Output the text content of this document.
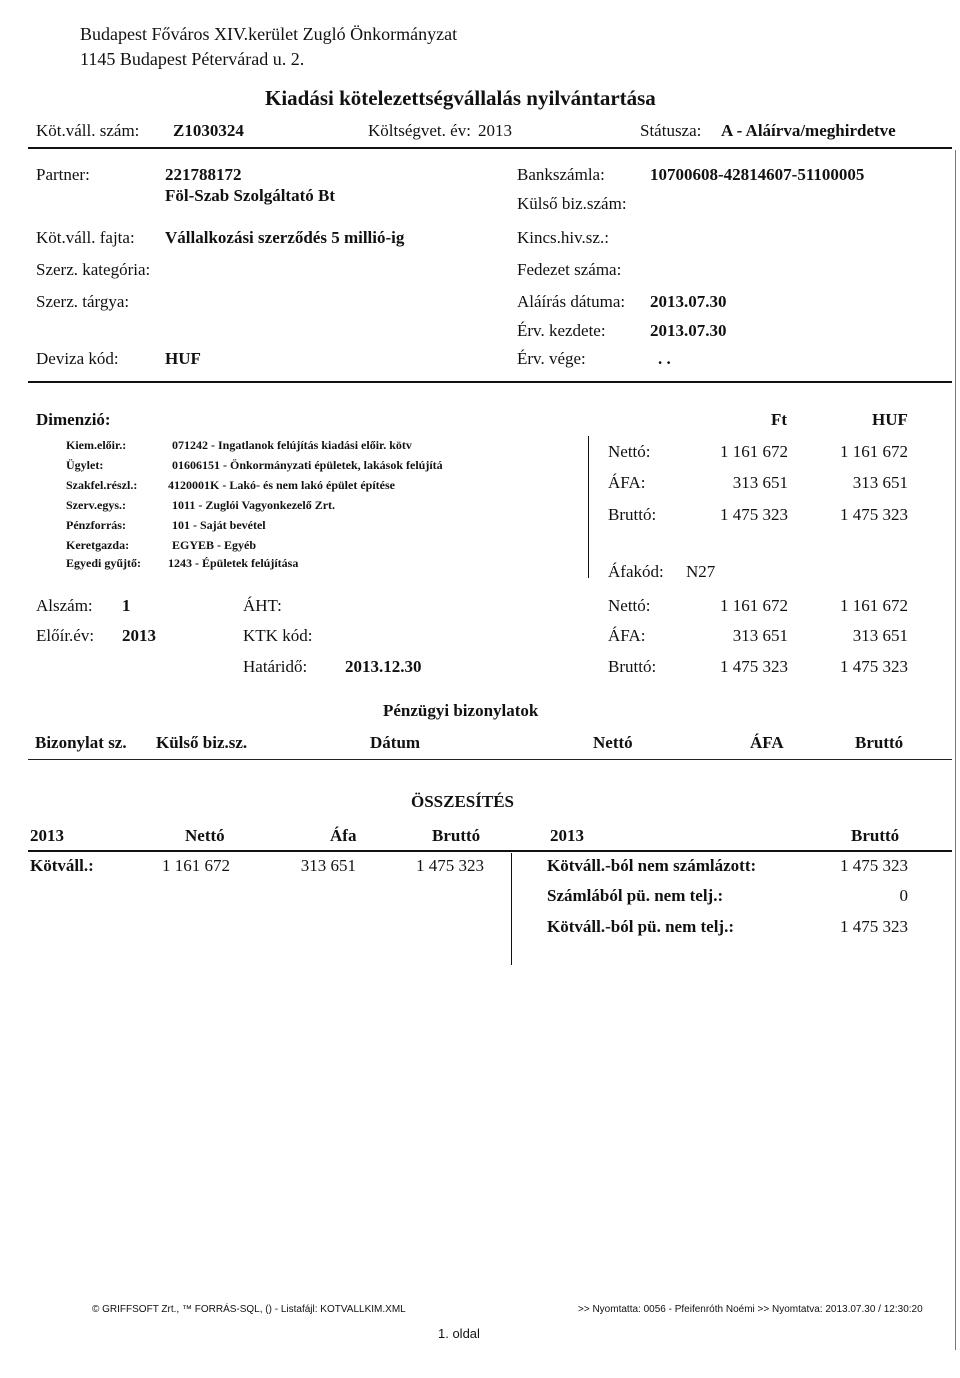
Budapest Főváros XIV.kerület Zugló Önkormányzat
1145 Budapest Pétervárad u. 2.
Kiadási kötelezettségvállalás nyilvántartása
Köt.váll. szám: Z1030324	Költségvet. év: 2013	Státusza: A - Aláírva/meghirdetve
Partner:	221788172
Föl-Szab Szolgáltató Bt
Köt.váll. fajta: Vállalkozási szerződés 5 millió-ig
Szerz. kategória:
Szerz. tárgya:
Deviza kód:	HUF
Bankszámla:	10700608-42814607-51100005
Külső biz.szám:
Kincs.hiv.sz.:
Fedezet száma:
Aláírás dátuma: 2013.07.30
Érv. kezdete:	2013.07.30
Érv. vége:	. .
Dimenzió:	Ft	HUF
Kiem.előir.:	071242 - Ingatlanok felújítás kiadási előir. kötv
Ügylet:	01606151 - Önkormányzati épületek, lakások felújítá
Szakfel.részl.:	4120001K - Lakó- és nem lakó épület építése
Szerv.egys.:	1011 - Zuglói Vagyonkezelő Zrt.
Pénzforrás:	101 - Saját bevétel
Keretgazda:	EGYEB - Egyéb
Egyedi gyűjtő: 1243 - Épületek felújítása
Nettó:	1 161 672	1 161 672
ÁFA:	313 651	313 651
Bruttó:	1 475 323	1 475 323
Áfakód: N27
Alszám: 1
Előír.év: 2013
ÁHT:
KTK kód:
Határidő: 2013.12.30
Nettó:	1 161 672	1 161 672
ÁFA:	313 651	313 651
Bruttó:	1 475 323	1 475 323
Pénzügyi bizonylatok
Bizonylat sz. Külső biz.sz.	Dátum	Nettó	ÁFA	Bruttó
ÖSSZESÍTÉS
2013	Nettó	Áfa	Bruttó	2013	Bruttó
Kötváll.:	1 161 672	313 651	1 475 323	Kötváll.-ból nem számlázott:	1 475 323
Számlából pü. nem telj.:	0
Kötváll.-ból pü. nem telj.:	1 475 323
© GRIFFSOFT Zrt., ™ FORRÁS-SQL, () - Listafájl: KOTVALLKIM.XML	>> Nyomtatta: 0056 - Pfeifenróth Noémi >> Nyomtatva: 2013.07.30 / 12:30:20
1. oldal
